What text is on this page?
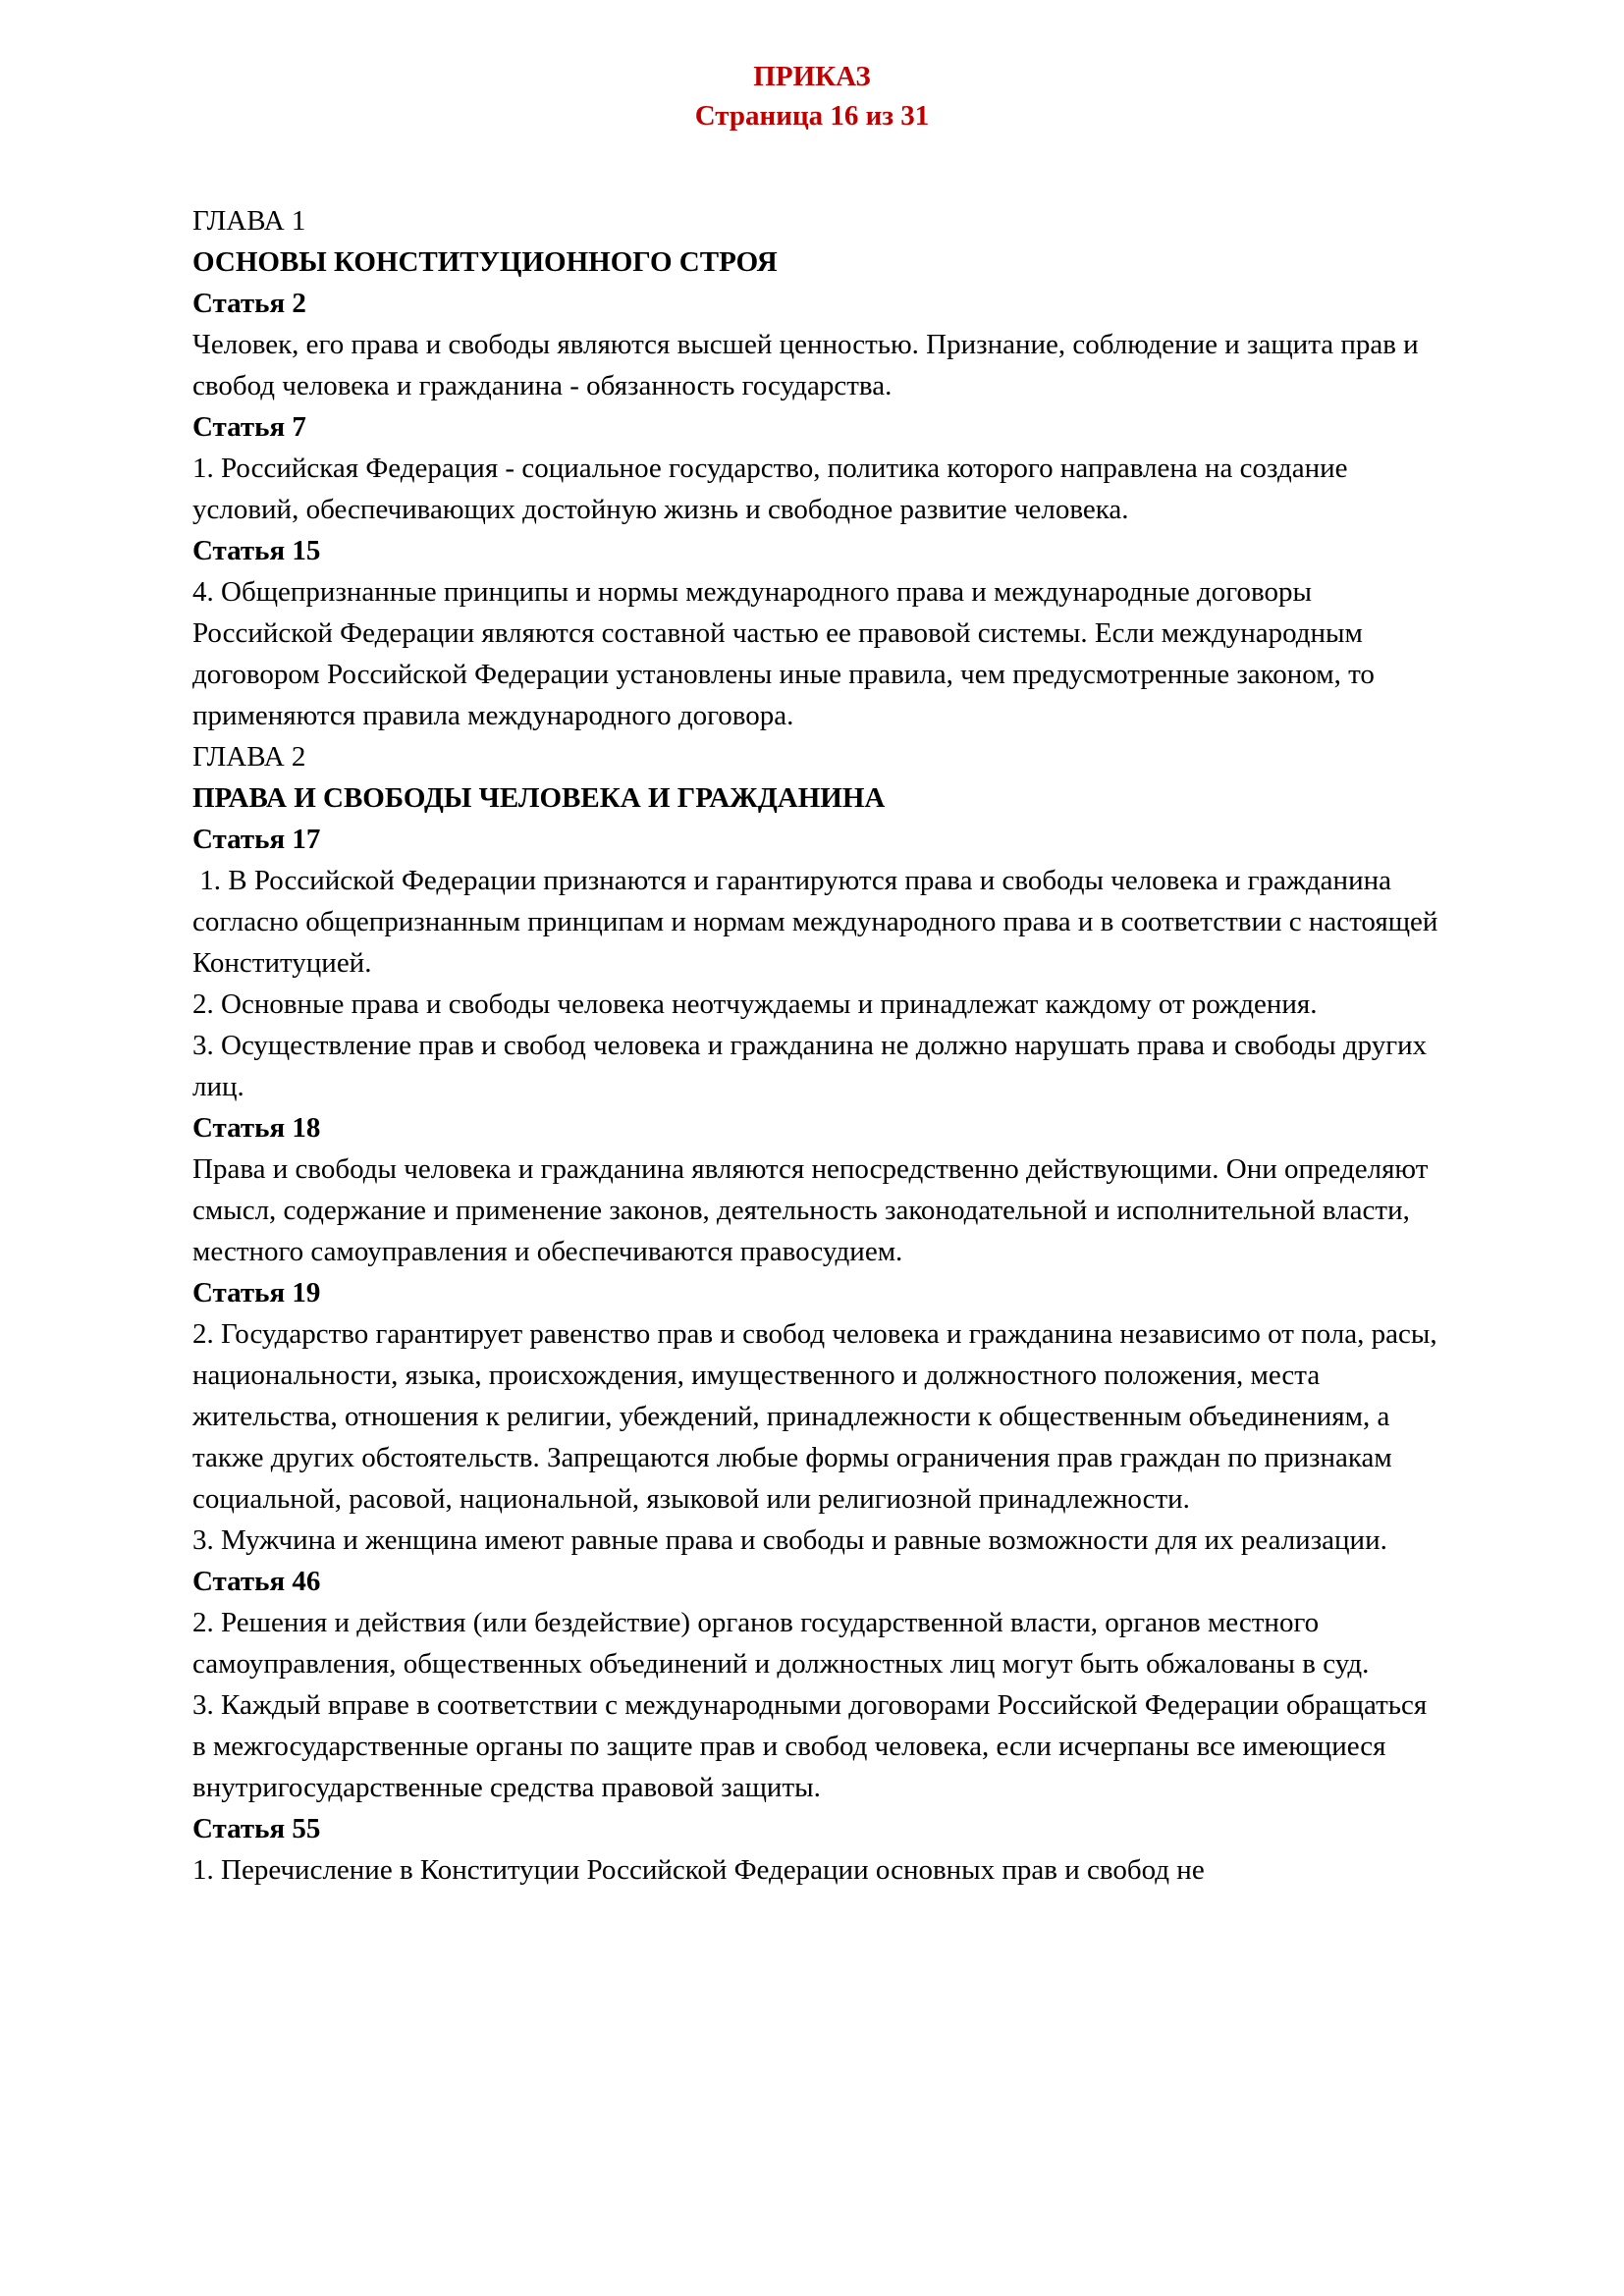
ПРИКАЗ
Страница 16 из 31

ГЛАВА 1

ОСНОВЫ КОНСТИТУЦИОННОГО СТРОЯ

Статья 2

Человек, его права и свободы являются высшей ценностью. Признание, соблюдение и защита прав и свобод человека и гражданина - обязанность государства.

Статья 7

1. Российская Федерация - социальное государство, политика которого направлена на создание условий, обеспечивающих достойную жизнь и свободное развитие человека.

Статья 15

4. Общепризнанные принципы и нормы международного права и международные договоры Российской Федерации являются составной частью ее правовой системы. Если международным договором Российской Федерации установлены иные правила, чем предусмотренные законом, то применяются правила международного договора.

ГЛАВА 2

ПРАВА И СВОБОДЫ ЧЕЛОВЕКА И ГРАЖДАНИНА

Статья 17

1. В Российской Федерации признаются и гарантируются права и свободы человека и гражданина согласно общепризнанным принципам и нормам международного права и в соответствии с настоящей Конституцией.

2. Основные права и свободы человека неотчуждаемы и принадлежат каждому от рождения.

3. Осуществление прав и свобод человека и гражданина не должно нарушать права и свободы других лиц.

Статья 18

Права и свободы человека и гражданина являются непосредственно действующими. Они определяют смысл, содержание и применение законов, деятельность законодательной и исполнительной власти, местного самоуправления и обеспечиваются правосудием.

Статья 19

2. Государство гарантирует равенство прав и свобод человека и гражданина независимо от пола, расы, национальности, языка, происхождения, имущественного и должностного положения, места жительства, отношения к религии, убеждений, принадлежности к общественным объединениям, а также других обстоятельств. Запрещаются любые формы ограничения прав граждан по признакам социальной, расовой, национальной, языковой или религиозной принадлежности.

3. Мужчина и женщина имеют равные права и свободы и равные возможности для их реализации.

Статья 46

2. Решения и действия (или бездействие) органов государственной власти, органов местного самоуправления, общественных объединений и должностных лиц могут быть обжалованы в суд.

3. Каждый вправе в соответствии с международными договорами Российской Федерации обращаться в межгосударственные органы по защите прав и свобод человека, если исчерпаны все имеющиеся внутригосударственные средства правовой защиты.

Статья 55

1. Перечисление в Конституции Российской Федерации основных прав и свобод не
